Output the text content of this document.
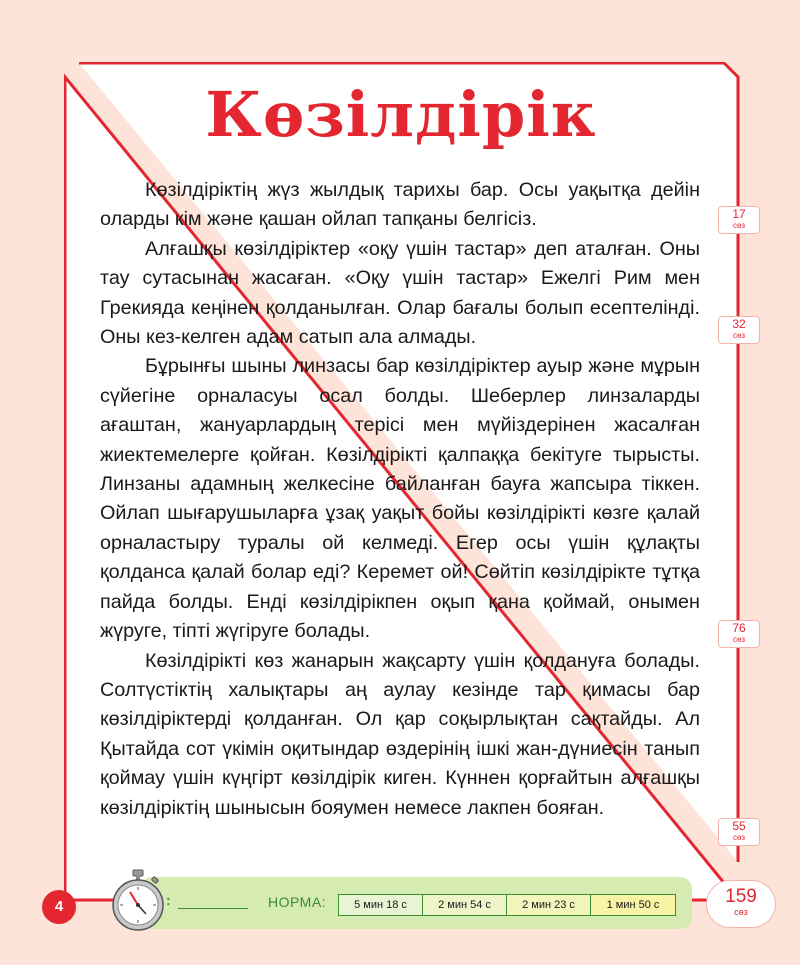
Көзілдірік

Көзілдіріктің жүз жылдық тарихы бар. Осы уақытқа дейін оларды кім және қашан ойлап тапқаны белгісіз.

Алғашқы көзілдіріктер «оқу үшін тастар» деп аталған. Оны тау сутасынан жасаған. «Оқу үшін тастар» Ежелгі Рим мен Грекияда кеңінен қолданылған. Олар бағалы болып есептелінді. Оны кез-келген адам сатып ала алмады.

Бұрынғы шыны линзасы бар көзілдіріктер ауыр және мұрын сүйегіне орналасуы осал болды. Шеберлер линзаларды ағаштан, жануарлардың терісі мен мүйіздерінен жасалған жиектемелерге қойған. Көзілдірікті қалпаққа бекітуге тырысты. Линзаны адамның желкесіне байланған бауға жапсыра тіккен. Ойлап шығарушыларға ұзақ уақыт бойы көзілдірікті көзге қалай орналастыру туралы ой келмеді. Егер осы үшін құлақты қолданса қалай болар еді? Керемет ой! Сөйтіп көзілдірікте тұтқа пайда болды. Енді көзілдірікпен оқып қана қоймай, онымен жүруге, тіпті жүгіруге болады.

Көзілдірікті көз жанарын жақсарту үшін қолдануға болады. Солтүстіктің халықтары аң аулау кезінде тар қимасы бар көзілдіріктерді қолданған. Ол қар соқырлықтан сақтайды. Ал Қытайда сот үкімін оқитындар өздерінің ішкі жан-дүниесін танып қоймау үшін күңгірт көзілдірік киген. Күннен қорғайтын алғашқы көзілдіріктің шынысын бояумен немесе лакпен бояған.

17
сөз
32
сөз
76
сөз
55
сөз
4	:	НОРМА:	5 мин 18 с	2 мин 54 с	2 мин 23 с	1 мин 50 с	159
сөз
